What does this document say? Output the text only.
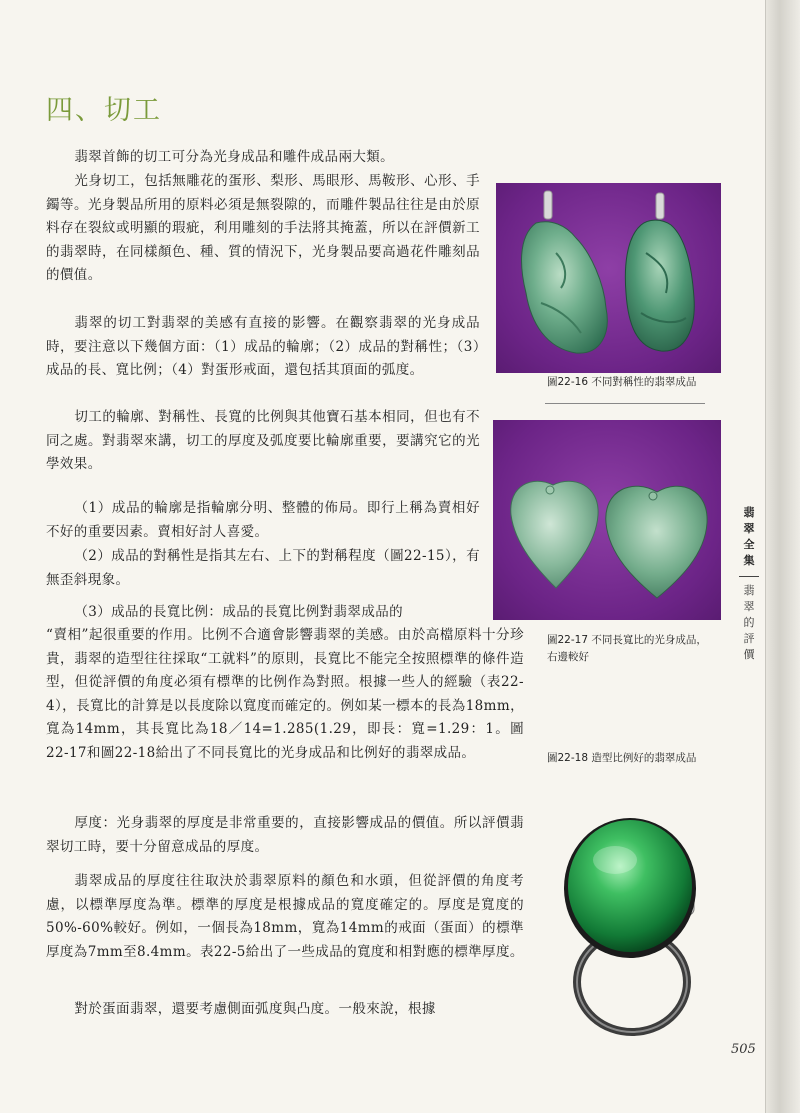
四、切工

翡翠首飾的切工可分為光身成品和雕件成品兩大類。

光身切工，包括無雕花的蛋形、梨形、馬眼形、馬鞍形、心形、手鐲等。光身製品所用的原料必須是無裂隙的，而雕件製品往往是由於原料存在裂紋或明顯的瑕疵，利用雕刻的手法將其掩蓋，所以在評價新工的翡翠時，在同樣顏色、種、質的情況下，光身製品要高過花件雕刻品的價值。

翡翠的切工對翡翠的美感有直接的影響。在觀察翡翠的光身成品時，要注意以下幾個方面：（1）成品的輪廓；（2）成品的對稱性；（3）成品的長、寬比例；（4）對蛋形戒面，還包括其頂面的弧度。

切工的輪廓、對稱性、長寬的比例與其他寶石基本相同，但也有不同之處。對翡翠來講，切工的厚度及弧度要比輪廓重要，要講究它的光學效果。

（1）成品的輪廓是指輪廓分明、整體的佈局。即行上稱為賣相好不好的重要因素。賣相好討人喜愛。

（2）成品的對稱性是指其左右、上下的對稱程度（圖22-15），有無歪斜現象。

（3）成品的長寬比例：成品的長寬比例對翡翠成品的

“賣相”起很重要的作用。比例不合適會影響翡翠的美感。由於高檔原料十分珍貴，翡翠的造型往往採取“工就料”的原則，長寬比不能完全按照標準的條件造型，但從評價的角度必須有標準的比例作為對照。根據一些人的經驗（表22-4），長寬比的計算是以長度除以寬度而確定的。例如某一標本的長為18mm，寬為14mm，其長寬比為18／14=1.285(1.29，即長：寬=1.29：1。圖22-17和圖22-18給出了不同長寬比的光身成品和比例好的翡翠成品。

厚度：光身翡翠的厚度是非常重要的，直接影響成品的價值。所以評價翡翠切工時，要十分留意成品的厚度。

翡翠成品的厚度往往取決於翡翠原料的顏色和水頭，但從評價的角度考慮，以標準厚度為準。標準的厚度是根據成品的寬度確定的。厚度是寬度的50%-60%較好。例如，一個長為18mm，寬為14mm的戒面（蛋面）的標準厚度為7mm至8.4mm。表22-5給出了一些成品的寬度和相對應的標準厚度。

對於蛋面翡翠，還要考慮側面弧度與凸度。一般來說，根據

圖22-16 不同對稱性的翡翠成品
圖22-17 不同長寬比的光身成品，右邊較好
圖22-18 造型比例好的翡翠成品
翡翠全集
翡翠的評價
505
